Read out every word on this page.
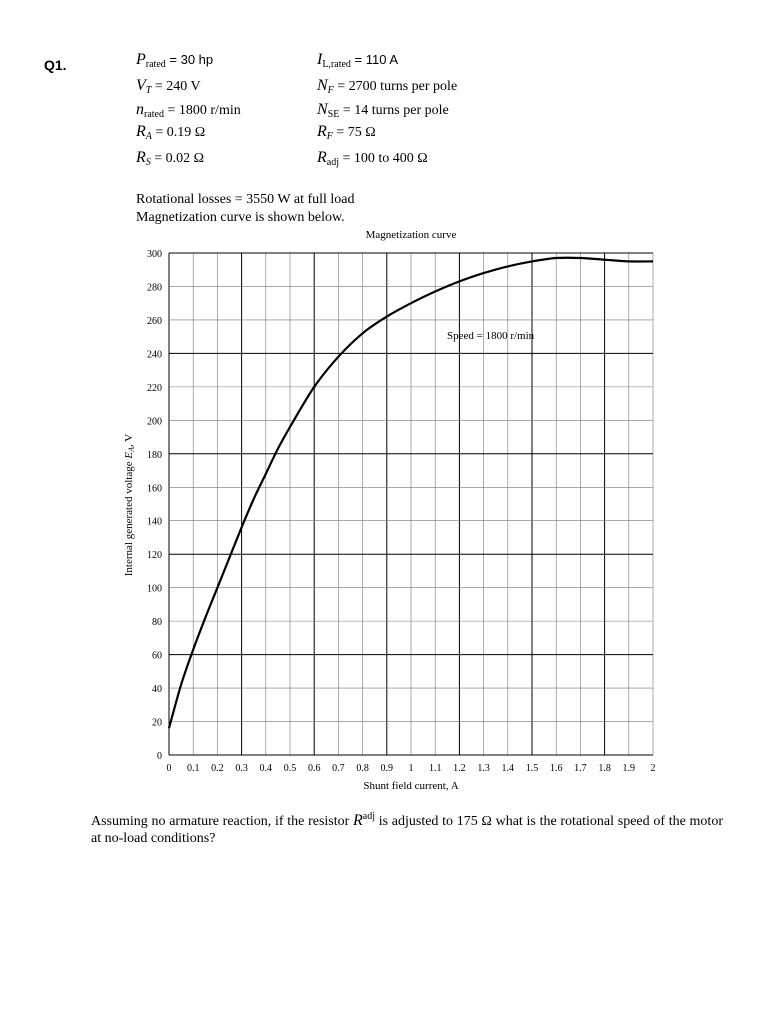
Q1.	$P_{rated} = 30$ hp
$V_T = 240$ V
$n_{rated} = 1800$ r/min
$R_A = 0.19$ Ω
$R_S = 0.02$ Ω
$I_{L,rated} = 110$ A
$N_F = 2700$ turns per pole
$N_{SE} = 14$ turns per pole
$R_F = 75$ Ω
$R_{adj} = 100$ to 400 Ω
Rotational losses = 3550 W at full load
Magnetization curve is shown below.
Magnetization curve
0 0.1 0.2 0.3 0.4 0.5 0.6 0.7 0.8 0.9 1 1.1 1.2 1.3 1.4 1.5 1.6 1.7 1.8 1.9 2
0
20
40
60
80
100
120
140
160
180
200
220
240
260
280
300
Speed = 1800 r/min
Shunt field current, A
Internal generated voltage EA, V
Assuming no armature reaction, if the resistor $R^{adj}$ is adjusted to 175 Ω what is the rotational speed of the motor at no-load conditions?
